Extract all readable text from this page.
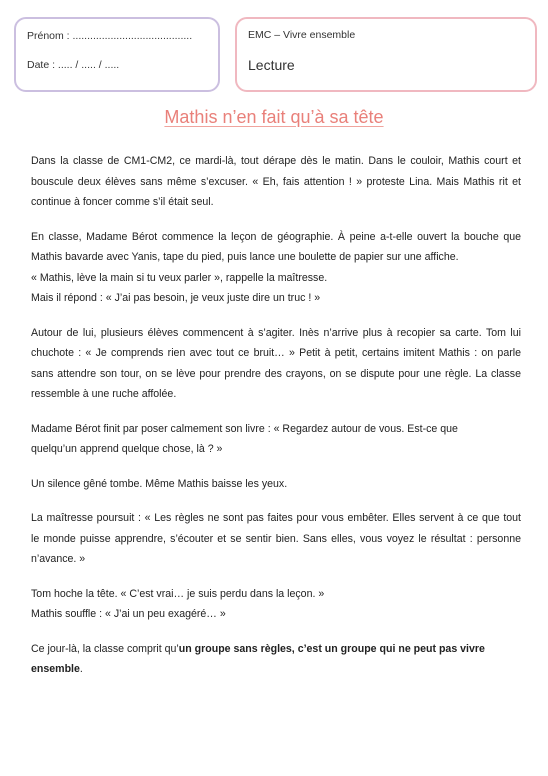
Prénom : .........................................
Date : ..... / ..... / .....
EMC – Vivre ensemble
Lecture
Mathis n’en fait qu’à sa tête

Dans la classe de CM1-CM2, ce mardi-là, tout dérape dès le matin. Dans le couloir, Mathis court et
bouscule deux élèves sans même s’excuser. « Eh, fais attention ! » proteste Lina. Mais Mathis rit et
continue à foncer comme s’il était seul.

En classe, Madame Bérot commence la leçon de géographie. À peine a-t-elle ouvert la bouche que
Mathis bavarde avec Yanis, tape du pied, puis lance une boulette de papier sur une affiche.
« Mathis, lève la main si tu veux parler », rappelle la maîtresse.
Mais il répond : « J’ai pas besoin, je veux juste dire un truc ! »

Autour de lui, plusieurs élèves commencent à s’agiter. Inès n’arrive plus à recopier sa carte. Tom lui
chuchote : « Je comprends rien avec tout ce bruit… » Petit à petit, certains imitent Mathis : on parle
sans attendre son tour, on se lève pour prendre des crayons, on se dispute pour une règle. La classe
ressemble à une ruche affolée.

Madame Bérot finit par poser calmement son livre : « Regardez autour de vous. Est-ce que
quelqu’un apprend quelque chose, là ? »

Un silence gêné tombe. Même Mathis baisse les yeux.

La maîtresse poursuit : « Les règles ne sont pas faites pour vous embêter. Elles servent à ce que tout
le monde puisse apprendre, s’écouter et se sentir bien. Sans elles, vous voyez le résultat : personne
n’avance. »

Tom hoche la tête. « C’est vrai… je suis perdu dans la leçon. »
Mathis souffle : « J’ai un peu exagéré… »

Ce jour-là, la classe comprit qu’un groupe sans règles, c’est un groupe qui ne peut pas vivre
ensemble.
